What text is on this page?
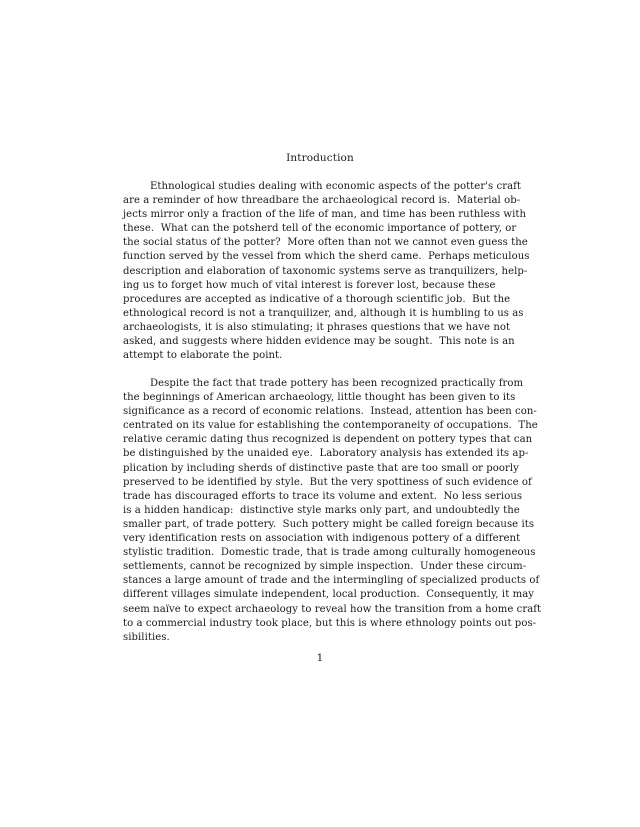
Introduction
Ethnological studies dealing with economic aspects of the potter's craft
are a reminder of how threadbare the archaeological record is.  Material ob-
jects mirror only a fraction of the life of man, and time has been ruthless with
these.  What can the potsherd tell of the economic importance of pottery, or
the social status of the potter?  More often than not we cannot even guess the
function served by the vessel from which the sherd came.  Perhaps meticulous
description and elaboration of taxonomic systems serve as tranquilizers, help-
ing us to forget how much of vital interest is forever lost, because these
procedures are accepted as indicative of a thorough scientific job.  But the
ethnological record is not a tranquilizer, and, although it is humbling to us as
archaeologists, it is also stimulating; it phrases questions that we have not
asked, and suggests where hidden evidence may be sought.  This note is an
attempt to elaborate the point.
Despite the fact that trade pottery has been recognized practically from
the beginnings of American archaeology, little thought has been given to its
significance as a record of economic relations.  Instead, attention has been con-
centrated on its value for establishing the contemporaneity of occupations.  The
relative ceramic dating thus recognized is dependent on pottery types that can
be distinguished by the unaided eye.  Laboratory analysis has extended its ap-
plication by including sherds of distinctive paste that are too small or poorly
preserved to be identified by style.  But the very spottiness of such evidence of
trade has discouraged efforts to trace its volume and extent.  No less serious
is a hidden handicap:  distinctive style marks only part, and undoubtedly the
smaller part, of trade pottery.  Such pottery might be called foreign because its
very identification rests on association with indigenous pottery of a different
stylistic tradition.  Domestic trade, that is trade among culturally homogeneous
settlements, cannot be recognized by simple inspection.  Under these circum-
stances a large amount of trade and the intermingling of specialized products of
different villages simulate independent, local production.  Consequently, it may
seem naïve to expect archaeology to reveal how the transition from a home craft
to a commercial industry took place, but this is where ethnology points out pos-
sibilities.
1
